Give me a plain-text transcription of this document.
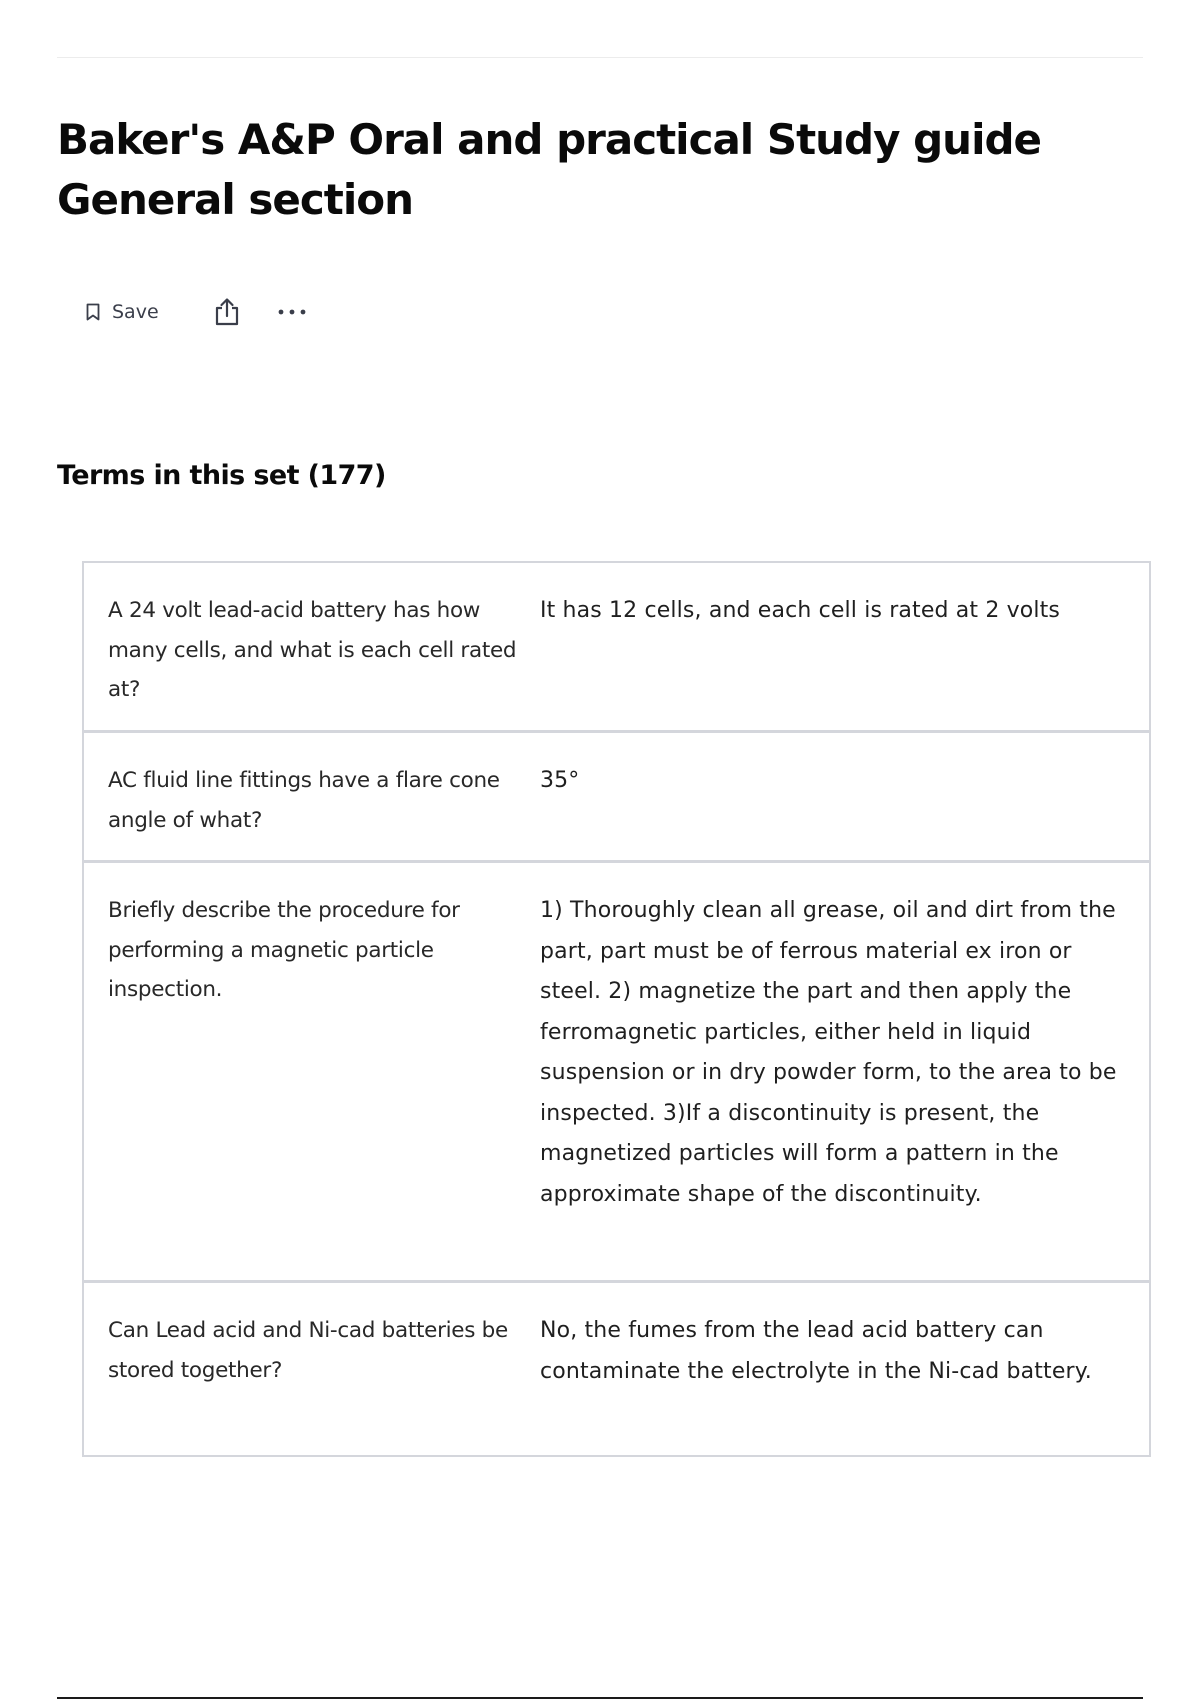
Baker's A&P Oral and practical Study guide
General section
Save
Terms in this set (177)
A 24 volt lead-acid battery has how many cells, and what is each cell rated at?
It has 12 cells, and each cell is rated at 2 volts
AC fluid line fittings have a flare cone angle of what?
35°
Briefly describe the procedure for performing a magnetic particle inspection.
1) Thoroughly clean all grease, oil and dirt from the part, part must be of ferrous material ex iron or steel. 2) magnetize the part and then apply the ferromagnetic particles, either held in liquid suspension or in dry powder form, to the area to be inspected. 3)If a discontinuity is present, the magnetized particles will form a pattern in the approximate shape of the discontinuity.
Can Lead acid and Ni-cad batteries be stored together?
No, the fumes from the lead acid battery can contaminate the electrolyte in the Ni-cad battery.
